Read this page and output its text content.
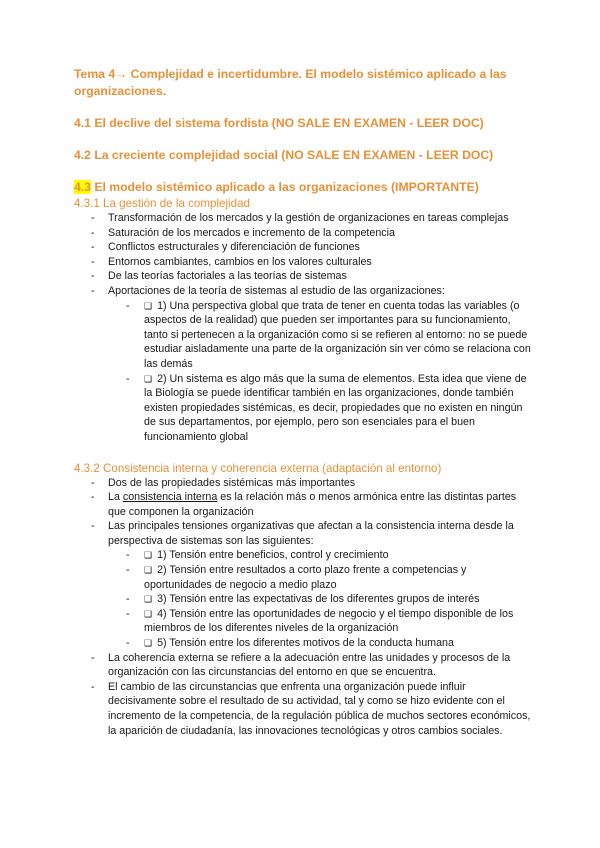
Tema 4→ Complejidad e incertidumbre. El modelo sistémico aplicado a las organizaciones.

4.1 El declive del sistema fordista (NO SALE EN EXAMEN - LEER DOC)

4.2 La creciente complejidad social (NO SALE EN EXAMEN - LEER DOC)

4.3 El modelo sistémico aplicado a las organizaciones (IMPORTANTE)

4.3.1 La gestión de la complejidad

- Transformación de los mercados y la gestión de organizaciones en tareas complejas
- Saturación de los mercados e incremento de la competencia
- Conflictos estructurales y diferenciación de funciones
- Entornos cambiantes, cambios en los valores culturales
- De las teorías factoriales a las teorías de sistemas
- Aportaciones de la teoría de sistemas al estudio de las organizaciones:
- ❑ 1) Una perspectiva global que trata de tener en cuenta todas las variables (o aspectos de la realidad) que pueden ser importantes para su funcionamiento, tanto si pertenecen a la organización como si se refieren al entorno: no se puede estudiar aisladamente una parte de la organización sin ver cómo se relaciona con las demás
- ❑ 2) Un sistema es algo más que la suma de elementos. Esta idea que viene de la Biología se puede identificar también en las organizaciones, donde también existen propiedades sistémicas, es decir, propiedades que no existen en ningún de sus departamentos, por ejemplo, pero son esenciales para el buen funcionamiento global

4.3.2 Consistencia interna y coherencia externa (adaptación al entorno)

- Dos de las propiedades sistémicas más importantes
- La consistencia interna es la relación más o menos armónica entre las distintas partes que componen la organización
- Las principales tensiones organizativas que afectan a la consistencia interna desde la perspectiva de sistemas son las siguientes:
- ❑ 1) Tensión entre beneficios, control y crecimiento
- ❑ 2) Tensión entre resultados a corto plazo frente a competencias y oportunidades de negocio a medio plazo
- ❑ 3) Tensión entre las expectativas de los diferentes grupos de interés
- ❑ 4) Tensión entre las oportunidades de negocio y el tiempo disponible de los miembros de los diferentes niveles de la organización
- ❑ 5) Tensión entre los diferentes motivos de la conducta humana
- La coherencia externa se refiere a la adecuación entre las unidades y procesos de la organización con las circunstancias del entorno en que se encuentra.
- El cambio de las circunstancias que enfrenta una organización puede influir decisivamente sobre el resultado de su actividad, tal y como se hizo evidente con el incremento de la competencia, de la regulación pública de muchos sectores económicos, la aparición de ciudadanía, las innovaciones tecnológicas y otros cambios sociales.
